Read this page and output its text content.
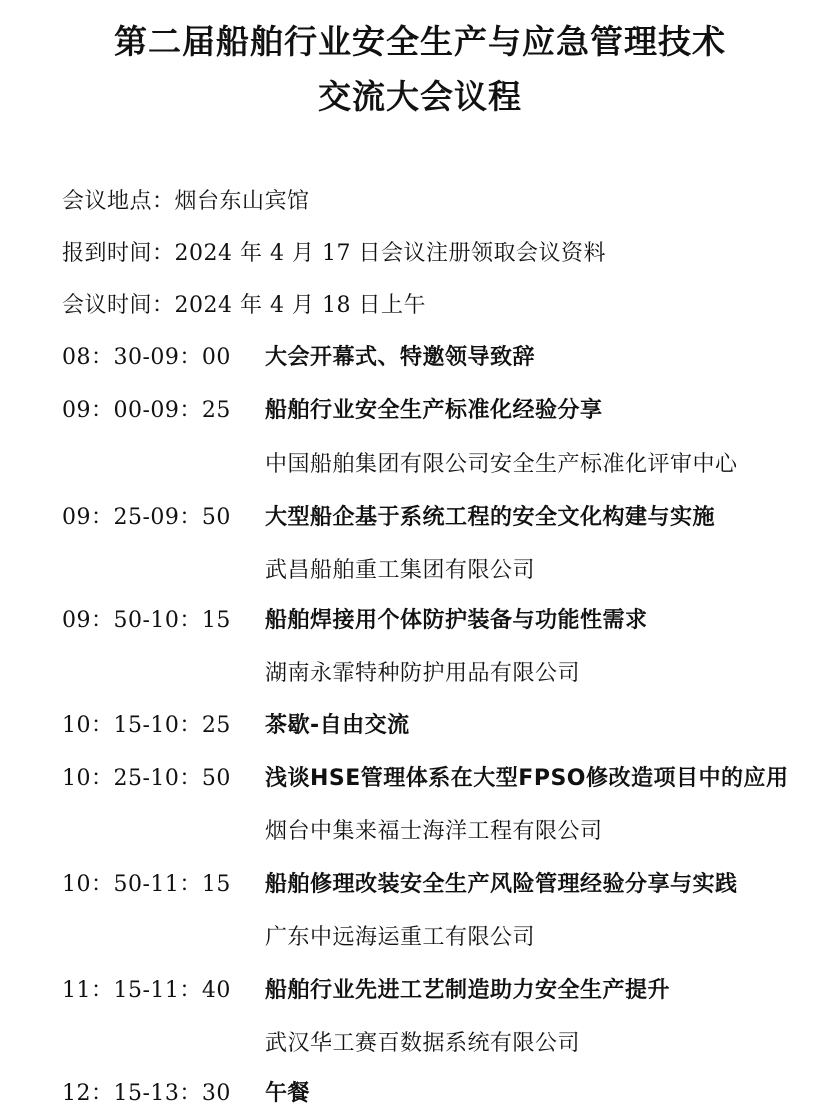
第二届船舶行业安全生产与应急管理技术
交流大会议程
会议地点：烟台东山宾馆
报到时间：2024 年 4 月 17 日会议注册领取会议资料
会议时间：2024 年 4 月 18 日上午
08：30-09：00 大会开幕式、特邀领导致辞
09：00-09：25 船舶行业安全生产标准化经验分享
中国船舶集团有限公司安全生产标准化评审中心
09：25-09：50 大型船企基于系统工程的安全文化构建与实施
武昌船舶重工集团有限公司
09：50-10：15 船舶焊接用个体防护装备与功能性需求
湖南永霏特种防护用品有限公司
10：15-10：25 茶歇-自由交流
10：25-10：50 浅谈HSE管理体系在大型FPSO修改造项目中的应用
烟台中集来福士海洋工程有限公司
10：50-11：15 船舶修理改装安全生产风险管理经验分享与实践
广东中远海运重工有限公司
11：15-11：40 船舶行业先进工艺制造助力安全生产提升
武汉华工赛百数据系统有限公司
12：15-13：30 午餐
